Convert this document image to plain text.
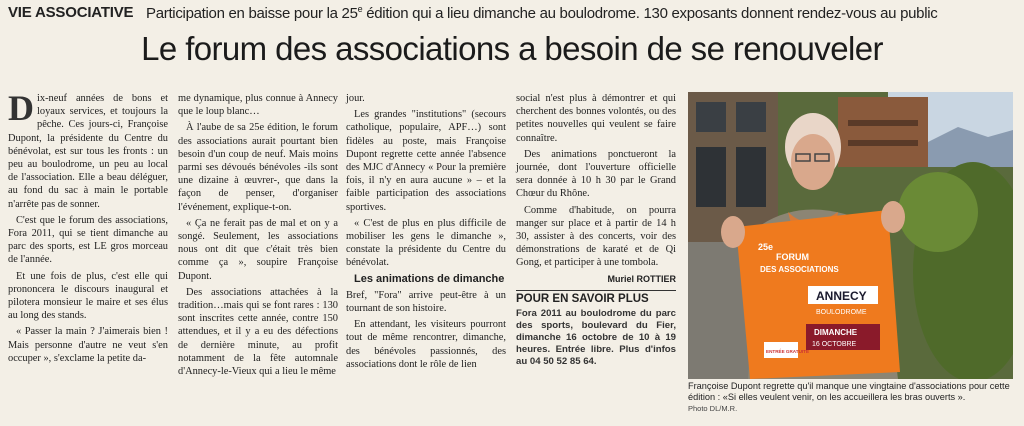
VIE ASSOCIATIVE Participation en baisse pour la 25e édition qui a lieu dimanche au boulodrome. 130 exposants donnent rendez-vous au public
Le forum des associations a besoin de se renouveler

Dix-neuf années de bons et loyaux services, et toujours la pêche. Ces jours-ci, Françoise Dupont, la présidente du Centre du bénévolat, est sur tous les fronts : un peu au boulodrome, un peu au local de l'association. Elle a beau déléguer, au fond du sac à main le portable n'arrête pas de sonner.

C'est que le forum des associations, Fora 2011, qui se tient dimanche au parc des sports, est LE gros morceau de l'année.

Et une fois de plus, c'est elle qui prononcera le discours inaugural et pilotera monsieur le maire et ses élus au long des stands.

« Passer la main ? J'aimerais bien ! Mais personne d'autre ne veut s'en occuper », s'exclame la petite da-

me dynamique, plus connue à Annecy que le loup blanc…

À l'aube de sa 25e édition, le forum des associations aurait pourtant bien besoin d'un coup de neuf. Mais moins parmi ses dévoués bénévoles -ils sont une dizaine à œuvrer-, que dans la façon de penser, d'organiser l'événement, explique-t-on.

« Ça ne ferait pas de mal et on y a songé. Seulement, les associations nous ont dit que c'était très bien comme ça », soupire Françoise Dupont.

Des associations attachées à la tradition…mais qui se font rares : 130 sont inscrites cette année, contre 150 attendues, et il y a eu des défections de dernière minute, au profit notamment de la fête automnale d'Annecy-le-Vieux qui a lieu le même

jour.

Les grandes "institutions" (secours catholique, populaire, APF…) sont fidèles au poste, mais Françoise Dupont regrette cette année l'absence des MJC d'Annecy « Pour la première fois, il n'y en aura aucune » – et la faible participation des associations sportives.

« C'est de plus en plus difficile de mobiliser les gens le dimanche », constate la présidente du Centre du bénévolat.

Les animations de dimanche

Bref, "Fora" arrive peut-être à un tournant de son histoire.

En attendant, les visiteurs pourront tout de même rencontrer, dimanche, des bénévoles passionnés, des associations dont le rôle de lien

social n'est plus à démontrer et qui cherchent des bonnes volontés, ou des petites nouvelles qui veulent se faire connaître.

Des animations ponctueront la journée, dont l'ouverture officielle sera donnée à 10 h 30 par le Grand Chœur du Rhône.

Comme d'habitude, on pourra manger sur place et à partir de 14 h 30, assister à des concerts, voir des démonstrations de karaté et de Qi Gong, et participer à une tombola.

Muriel ROTTIER
POUR EN SAVOIR PLUS
Fora 2011 au boulodrome du parc des sports, boulevard du Fier, dimanche 16 octobre de 10 à 19 heures. Entrée libre. Plus d'infos au 04 50 52 85 64.
25e
FORUM
DES ASSOCIATIONS
ANNECY
BOULODROME
DIMANCHE
16 OCTOBRE
ENTRÉE GRATUITE
Françoise Dupont regrette qu'il manque une vingtaine d'associations pour cette édition : «Si elles veulent venir, on les accueillera les bras ouverts ».
Photo DL/M.R.
